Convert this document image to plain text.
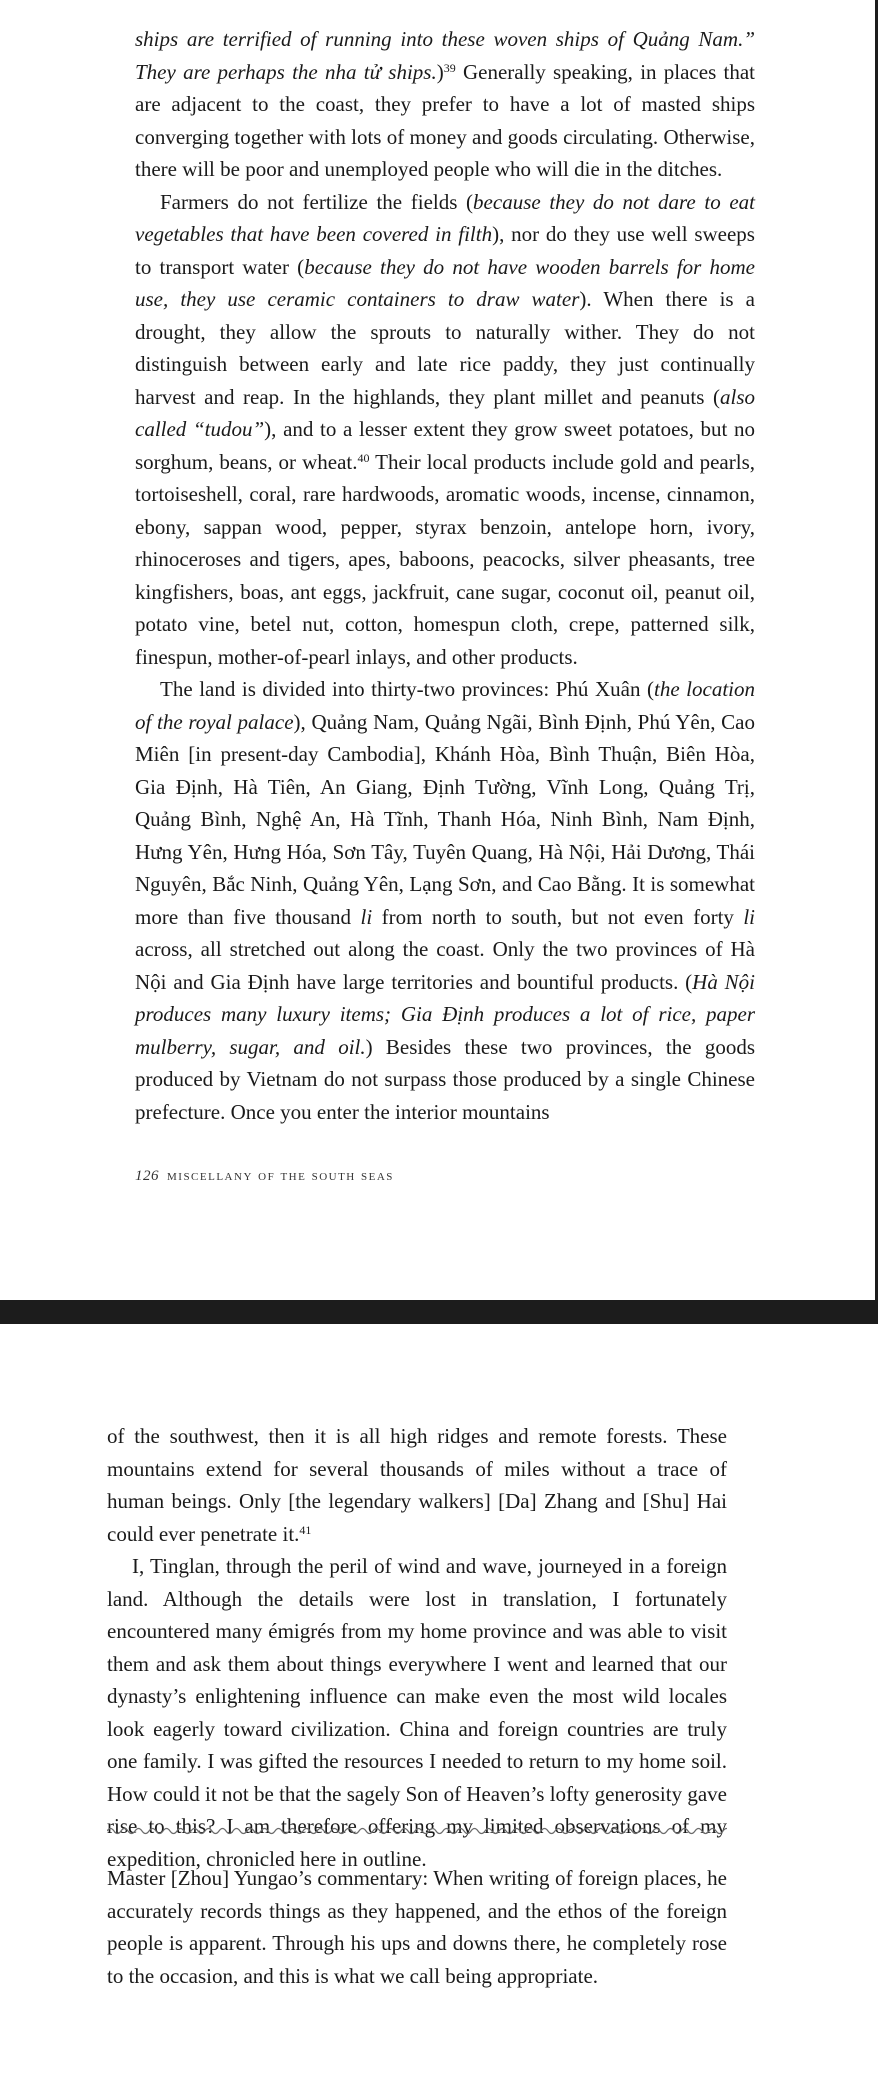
ships are terrified of running into these woven ships of Quảng Nam.” They are perhaps the nha tử ships.)$^{39}$ Generally speaking, in places that are adjacent to the coast, they prefer to have a lot of masted ships converging together with lots of money and goods circulating. Otherwise, there will be poor and unemployed people who will die in the ditches.

Farmers do not fertilize the fields (because they do not dare to eat vegetables that have been covered in filth), nor do they use well sweeps to transport water (because they do not have wooden barrels for home use, they use ceramic containers to draw water). When there is a drought, they allow the sprouts to naturally wither. They do not distinguish between early and late rice paddy, they just continually harvest and reap. In the highlands, they plant millet and peanuts (also called “tudou”), and to a lesser extent they grow sweet potatoes, but no sorghum, beans, or wheat.$^{40}$ Their local products include gold and pearls, tortoiseshell, coral, rare hardwoods, aromatic woods, incense, cinnamon, ebony, sappan wood, pepper, styrax benzoin, antelope horn, ivory, rhinoceroses and tigers, apes, baboons, peacocks, silver pheasants, tree kingfishers, boas, ant eggs, jackfruit, cane sugar, coconut oil, peanut oil, potato vine, betel nut, cotton, homespun cloth, crepe, patterned silk, finespun, mother-of-pearl inlays, and other products.

The land is divided into thirty-two provinces: Phú Xuân (the location of the royal palace), Quảng Nam, Quảng Ngãi, Bình Định, Phú Yên, Cao Miên [in present-day Cambodia], Khánh Hòa, Bình Thuận, Biên Hòa, Gia Định, Hà Tiên, An Giang, Định Tường, Vĩnh Long, Quảng Trị, Quảng Bình, Nghệ An, Hà Tĩnh, Thanh Hóa, Ninh Bình, Nam Định, Hưng Yên, Hưng Hóa, Sơn Tây, Tuyên Quang, Hà Nội, Hải Dương, Thái Nguyên, Bắc Ninh, Quảng Yên, Lạng Sơn, and Cao Bằng. It is somewhat more than five thousand li from north to south, but not even forty li across, all stretched out along the coast. Only the two provinces of Hà Nội and Gia Định have large territories and bountiful products. (Hà Nội produces many luxury items; Gia Định produces a lot of rice, paper mulberry, sugar, and oil.) Besides these two provinces, the goods produced by Vietnam do not surpass those produced by a single Chinese prefecture. Once you enter the interior mountains

126 miscellany of the south seas

of the southwest, then it is all high ridges and remote forests. These mountains extend for several thousands of miles without a trace of human beings. Only [the legendary walkers] [Da] Zhang and [Shu] Hai could ever penetrate it.$^{41}$

I, Tinglan, through the peril of wind and wave, journeyed in a foreign land. Although the details were lost in translation, I fortunately encountered many émigrés from my home province and was able to visit them and ask them about things everywhere I went and learned that our dynasty’s enlightening influence can make even the most wild locales look eagerly toward civilization. China and foreign countries are truly one family. I was gifted the resources I needed to return to my home soil. How could it not be that the sagely Son of Heaven’s lofty generosity gave rise to this? I am therefore offering my limited observations of my expedition, chronicled here in outline.

Master [Zhou] Yungao’s commentary: When writing of foreign places, he accurately records things as they happened, and the ethos of the foreign people is apparent. Through his ups and downs there, he completely rose to the occasion, and this is what we call being appropriate.
